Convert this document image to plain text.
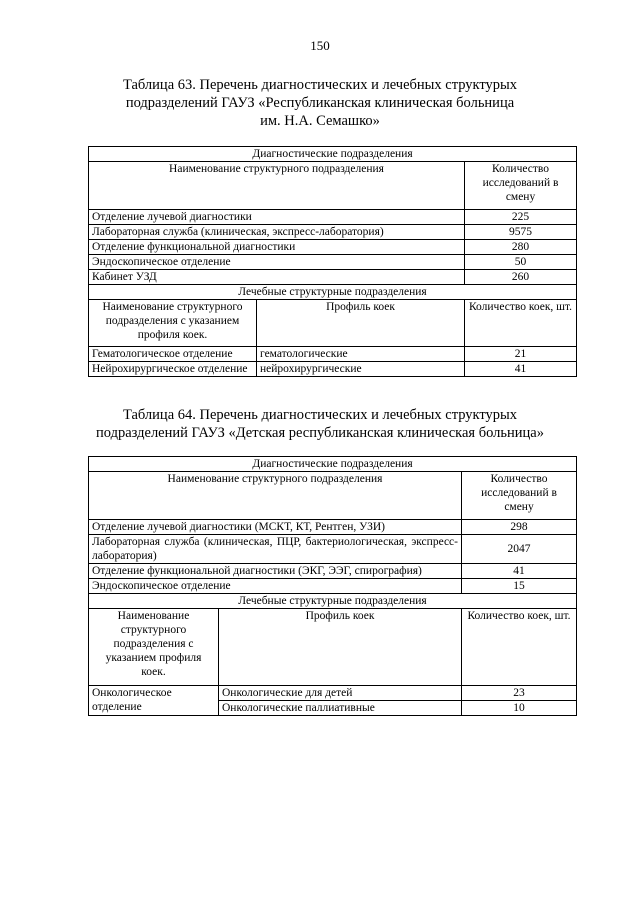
150
Таблица 63. Перечень диагностических и лечебных структурых
подразделений ГАУЗ «Республиканская клиническая больница
им. Н.А. Семашко»
Диагностические подразделения		
Наименование структурного подразделения		Количество исследований в смену
Отделение лучевой диагностики		225
Лабораторная служба (клиническая, экспресс-лаборатория)		9575
Отделение функциональной диагностики		280
Эндоскопическое отделение		50
Кабинет УЗД		260
Лечебные структурные подразделения		
Наименование структурного подразделения с указанием профиля коек.	Профиль коек	Количество коек, шт.
Гематологическое отделение	гематологические	21
Нейрохирургическое отделение	нейрохирургические	41
Таблица 64. Перечень диагностических и лечебных структурых
подразделений ГАУЗ «Детская республиканская клиническая больница»
Диагностические подразделения		
Наименование структурного подразделения		Количество исследований в смену
Отделение лучевой диагностики (МСКТ, КТ, Рентген, УЗИ)		298
Лабораторная служба (клиническая, ПЦР, бактериологическая, экспресс-лаборатория)		2047
Отделение функциональной диагностики (ЭКГ, ЭЭГ, спирография)		41
Эндоскопическое отделение		15
Лечебные структурные подразделения		
Наименование структурного подразделения с указанием профиля коек.	Профиль коек	Количество коек, шт.
Онкологическое отделение	Онкологические для детей	23
	Онкологические паллиативные	10
